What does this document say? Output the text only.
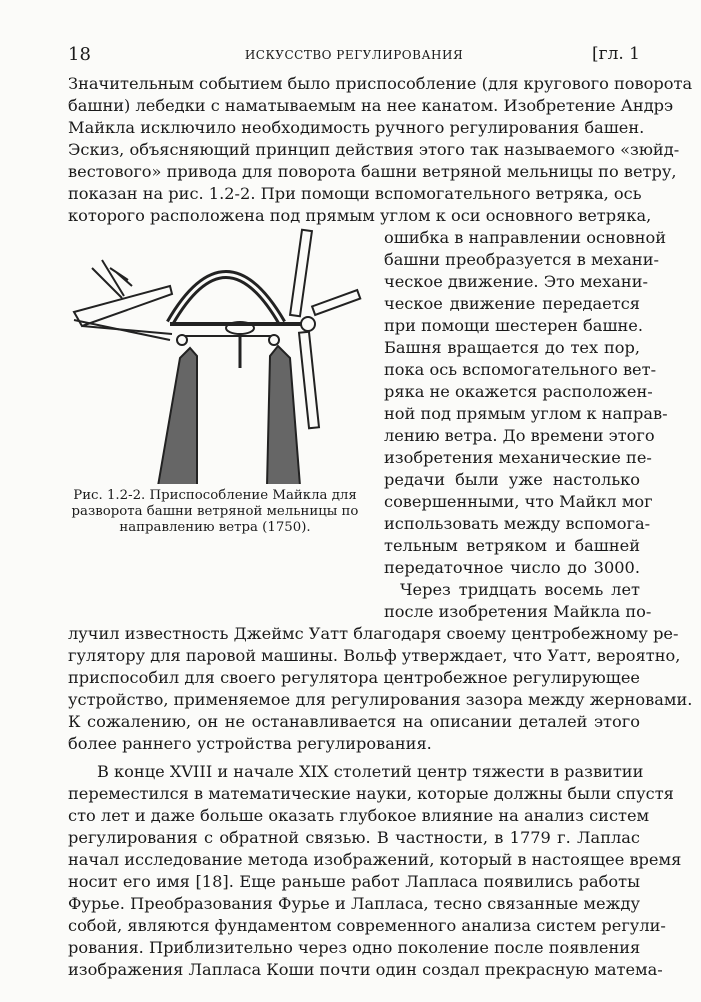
18	ИСКУССТВО РЕГУЛИРОВАНИЯ	[гл. 1
Значительным событием было приспособление (для кругового поворота
башни) лебедки с наматываемым на нее канатом. Изобретение Андрэ
Майкла исключило необходимость ручного регулирования башен.
Эскиз, объясняющий принцип действия этого так называемого «зюйд-
вестового» привода для поворота башни ветряной мельницы по ветру,
показан на рис. 1.2-2. При помощи вспомогательного ветряка, ось
которого расположена под прямым углом к оси основного ветряка,
ошибка в направлении основной
башни преобразуется в механи-
ческое движение. Это механи-
ческое движение передается
при помощи шестерен башне.
Башня вращается до тех пор,
пока ось вспомогательного вет-
ряка не окажется расположен-
ной под прямым углом к направ-
лению ветра. До времени этого
изобретения механические пе-
редачи были уже настолько
совершенными, что Майкл мог
использовать между вспомога-
тельным ветряком и башней
передаточное число до 3000.
Через тридцать восемь лет
после изобретения Майкла по-
лучил известность Джеймс Уатт благодаря своему центробежному ре-
гулятору для паровой машины. Вольф утверждает, что Уатт, вероятно,
приспособил для своего регулятора центробежное регулирующее
устройство, применяемое для регулирования зазора между жерновами.
К сожалению, он не останавливается на описании деталей этого
более раннего устройства регулирования.
В конце XVIII и начале XIX столетий центр тяжести в развитии
переместился в математические науки, которые должны были спустя
сто лет и даже больше оказать глубокое влияние на анализ систем
регулирования с обратной связью. В частности, в 1779 г. Лаплас
начал исследование метода изображений, который в настоящее время
носит его имя [18]. Еще раньше работ Лапласа появились работы
Фурье. Преобразования Фурье и Лапласа, тесно связанные между
собой, являются фундаментом современного анализа систем регули-
рования. Приблизительно через одно поколение после появления
изображения Лапласа Коши почти один создал прекрасную матема-
Рис. 1.2-2. Приспособление Майкла для
разворота башни ветряной мельницы по
направлению ветра (1750).
